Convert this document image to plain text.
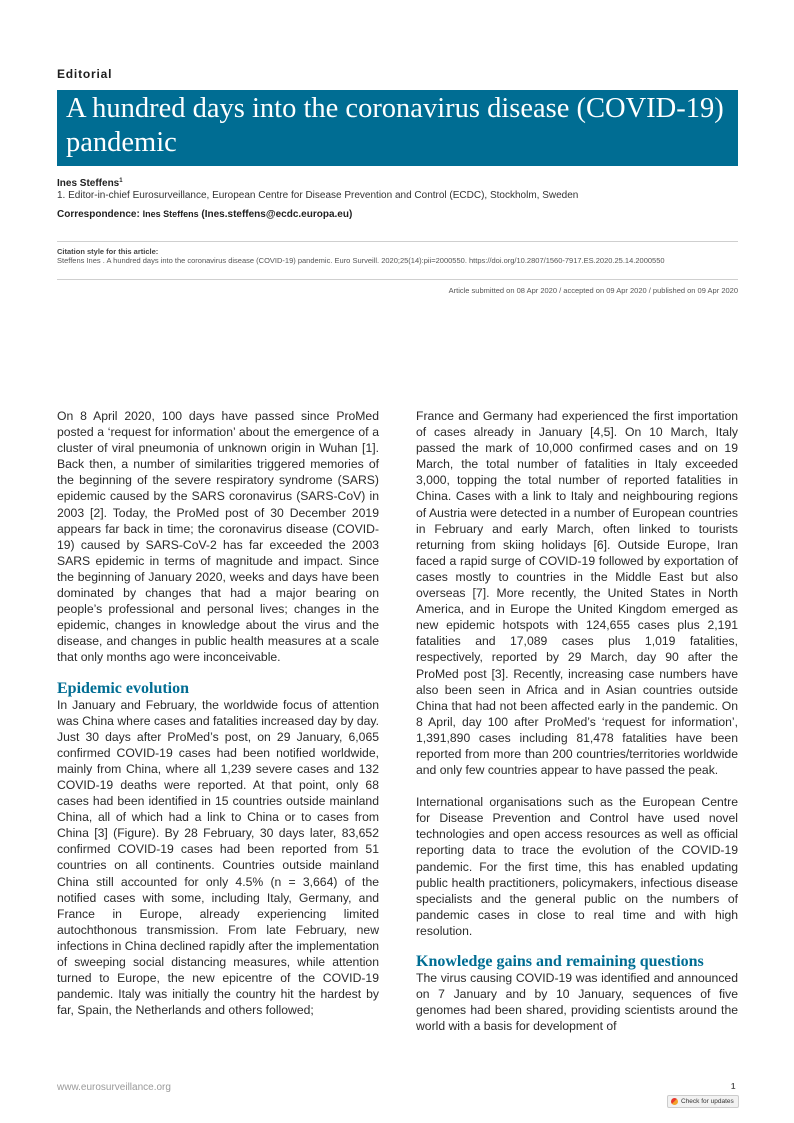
Editorial
A hundred days into the coronavirus disease (COVID-19) pandemic
Ines Steffens$^1$
1. Editor-in-chief Eurosurveillance, European Centre for Disease Prevention and Control (ECDC), Stockholm, Sweden
Correspondence: Ines Steffens (Ines.steffens@ecdc.europa.eu)
Citation style for this article:
Steffens Ines . A hundred days into the coronavirus disease (COVID-19) pandemic. Euro Surveill. 2020;25(14):pii=2000550. https://doi.org/10.2807/1560-7917.ES.2020.25.14.2000550
Article submitted on 08 Apr 2020 / accepted on 09 Apr 2020 / published on 09 Apr 2020

On 8 April 2020, 100 days have passed since ProMed posted a ‘request for information’ about the emergence of a cluster of viral pneumonia of unknown origin in Wuhan [1]. Back then, a number of similarities triggered memories of the beginning of the severe respiratory syndrome (SARS) epidemic caused by the SARS coronavirus (SARS-CoV) in 2003 [2]. Today, the ProMed post of 30 December 2019 appears far back in time; the coronavirus disease (COVID-19) caused by SARS-CoV-2 has far exceeded the 2003 SARS epidemic in terms of magnitude and impact. Since the beginning of January 2020, weeks and days have been dominated by changes that had a major bearing on people’s professional and personal lives; changes in the epidemic, changes in knowledge about the virus and the disease, and changes in public health measures at a scale that only months ago were inconceivable.

Epidemic evolution

In January and February, the worldwide focus of attention was China where cases and fatalities increased day by day. Just 30 days after ProMed’s post, on 29 January, 6,065 confirmed COVID-19 cases had been notified worldwide, mainly from China, where all 1,239 severe cases and 132 COVID-19 deaths were reported. At that point, only 68 cases had been identified in 15 countries outside mainland China, all of which had a link to China or to cases from China [3] (Figure). By 28 February, 30 days later, 83,652 confirmed COVID-19 cases had been reported from 51 countries on all continents. Countries outside mainland China still accounted for only 4.5% (n = 3,664) of the notified cases with some, including Italy, Germany, and France in Europe, already experiencing limited autochthonous transmission. From late February, new infections in China declined rapidly after the implementation of sweeping social distancing measures, while attention turned to Europe, the new epicentre of the COVID-19 pandemic. Italy was initially the country hit the hardest by far, Spain, the Netherlands and others followed;

France and Germany had experienced the first importation of cases already in January [4,5]. On 10 March, Italy passed the mark of 10,000 confirmed cases and on 19 March, the total number of fatalities in Italy exceeded 3,000, topping the total number of reported fatalities in China. Cases with a link to Italy and neighbouring regions of Austria were detected in a number of European countries in February and early March, often linked to tourists returning from skiing holidays [6]. Outside Europe, Iran faced a rapid surge of COVID-19 followed by exportation of cases mostly to countries in the Middle East but also overseas [7]. More recently, the United States in North America, and in Europe the United Kingdom emerged as new epidemic hotspots with 124,655 cases plus 2,191 fatalities and 17,089 cases plus 1,019 fatalities, respectively, reported by 29 March, day 90 after the ProMed post [3]. Recently, increasing case numbers have also been seen in Africa and in Asian countries outside China that had not been affected early in the pandemic. On 8 April, day 100 after ProMed’s ‘request for information’, 1,391,890 cases including 81,478 fatalities have been reported from more than 200 countries/territories worldwide and only few countries appear to have passed the peak.

International organisations such as the European Centre for Disease Prevention and Control have used novel technologies and open access resources as well as official reporting data to trace the evolution of the COVID-19 pandemic. For the first time, this has enabled updating public health practitioners, policymakers, infectious disease specialists and the general public on the numbers of pandemic cases in close to real time and with high resolution.

Knowledge gains and remaining questions

The virus causing COVID-19 was identified and announced on 7 January and by 10 January, sequences of five genomes had been shared, providing scientists around the world with a basis for development of

www.eurosurveillance.org	1
Check for updates
